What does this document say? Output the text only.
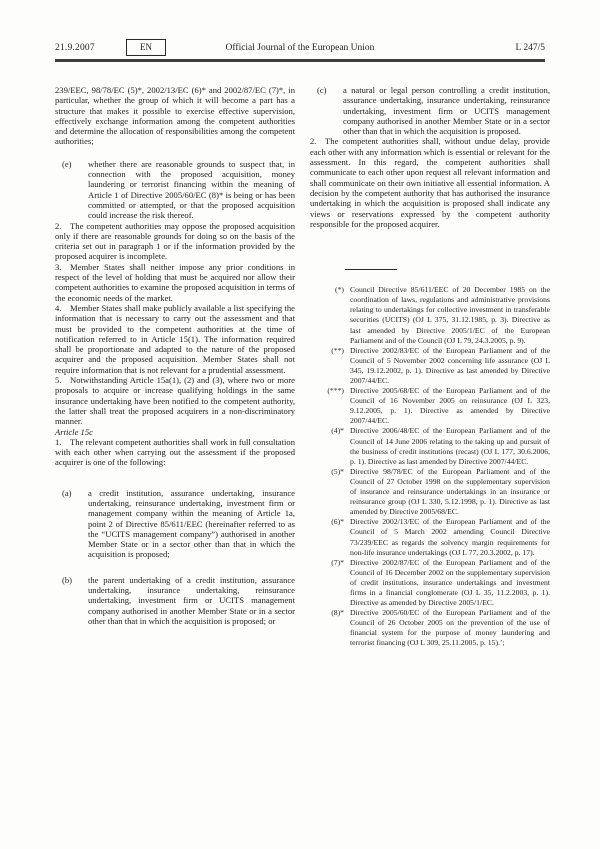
21.9.2007	EN	Official Journal of the European Union	L 247/5

239/EEC, 98/78/EC (5)*, 2002/13/EC (6)* and 2002/87/EC (7)*, in particular, whether the group of which it will become a part has a structure that makes it possible to exercise effective supervision, effectively exchange information among the competent authorities and determine the allocation of responsibilities among the competent authorities;

(e)	whether there are reasonable grounds to suspect that, in connection with the proposed acquisition, money laundering or terrorist financing within the meaning of Article 1 of Directive 2005/60/EC (8)* is being or has been committed or attempted, or that the proposed acquisition could increase the risk thereof.

2. The competent authorities may oppose the proposed acquisition only if there are reasonable grounds for doing so on the basis of the criteria set out in paragraph 1 or if the information provided by the proposed acquirer is incomplete.

3. Member States shall neither impose any prior conditions in respect of the level of holding that must be acquired nor allow their competent authorities to examine the proposed acquisition in terms of the economic needs of the market.

4. Member States shall make publicly available a list specifying the information that is necessary to carry out the assessment and that must be provided to the competent authorities at the time of notification referred to in Article 15(1). The information required shall be proportionate and adapted to the nature of the proposed acquirer and the proposed acquisition. Member States shall not require information that is not relevant for a prudential assessment.

5. Notwithstanding Article 15a(1), (2) and (3), where two or more proposals to acquire or increase qualifying holdings in the same insurance undertaking have been notified to the competent authority, the latter shall treat the proposed acquirers in a non-discriminatory manner.

Article 15c

1. The relevant competent authorities shall work in full consultation with each other when carrying out the assessment if the proposed acquirer is one of the following:

(a)	a credit institution, assurance undertaking, insurance undertaking, reinsurance undertaking, investment firm or management company within the meaning of Article 1a, point 2 of Directive 85/611/EEC (hereinafter referred to as the “UCITS management company”) authorised in another Member State or in a sector other than that in which the acquisition is proposed;
(b)	the parent undertaking of a credit institution, assurance undertaking, insurance undertaking, reinsurance undertaking, investment firm or UCITS management company authorised in another Member State or in a sector other than that in which the acquisition is proposed; or
(c)	a natural or legal person controlling a credit institution, assurance undertaking, insurance undertaking, reinsurance undertaking, investment firm or UCITS management company authorised in another Member State or in a sector other than that in which the acquisition is proposed.

2. The competent authorities shall, without undue delay, provide each other with any information which is essential or relevant for the assessment. In this regard, the competent authorities shall communicate to each other upon request all relevant information and shall communicate on their own initiative all essential information. A decision by the competent authority that has authorised the insurance undertaking in which the acquisition is proposed shall indicate any views or reservations expressed by the competent authority responsible for the proposed acquirer.

(*) Council Directive 85/611/EEC of 20 December 1985 on the coordination of laws, regulations and administrative provisions relating to undertakings for collective investment in transferable securities (UCITS) (OJ L 375, 31.12.1985, p. 3). Directive as last amended by Directive 2005/1/EC of the European Parliament and of the Council (OJ L 79, 24.3.2005, p. 9).
(**) Directive 2002/83/EC of the European Parliament and of the Council of 5 November 2002 concerning life assurance (OJ L 345, 19.12.2002, p. 1). Directive as last amended by Directive 2007/44/EC.
(***) Directive 2005/68/EC of the European Parliament and of the Council of 16 November 2005 on reinsurance (OJ L 323, 9.12.2005, p. 1). Directive as amended by Directive 2007/44/EC.
(4)* Directive 2006/48/EC of the European Parliament and of the Council of 14 June 2006 relating to the taking up and pursuit of the business of credit institutions (recast) (OJ L 177, 30.6.2006, p. 1). Directive as last amended by Directive 2007/44/EC.
(5)* Directive 98/78/EC of the European Parliament and of the Council of 27 October 1998 on the supplementary supervision of insurance and reinsurance undertakings in an insurance or reinsurance group (OJ L 330, 5.12.1998, p. 1). Directive as last amended by Directive 2005/68/EC.
(6)* Directive 2002/13/EC of the European Parliament and of the Council of 5 March 2002 amending Council Directive 73/239/EEC as regards the solvency margin requirements for non-life insurance undertakings (OJ L 77, 20.3.2002, p. 17).
(7)* Directive 2002/87/EC of the European Parliament and of the Council of 16 December 2002 on the supplementary supervision of credit institutions, insurance undertakings and investment firms in a financial conglomerate (OJ L 35, 11.2.2003, p. 1). Directive as amended by Directive 2005/1/EC.
(8)* Directive 2005/60/EC of the European Parliament and of the Council of 26 October 2005 on the prevention of the use of financial system for the purpose of money laundering and terrorist financing (OJ L 309, 25.11.2005, p. 15).’;
